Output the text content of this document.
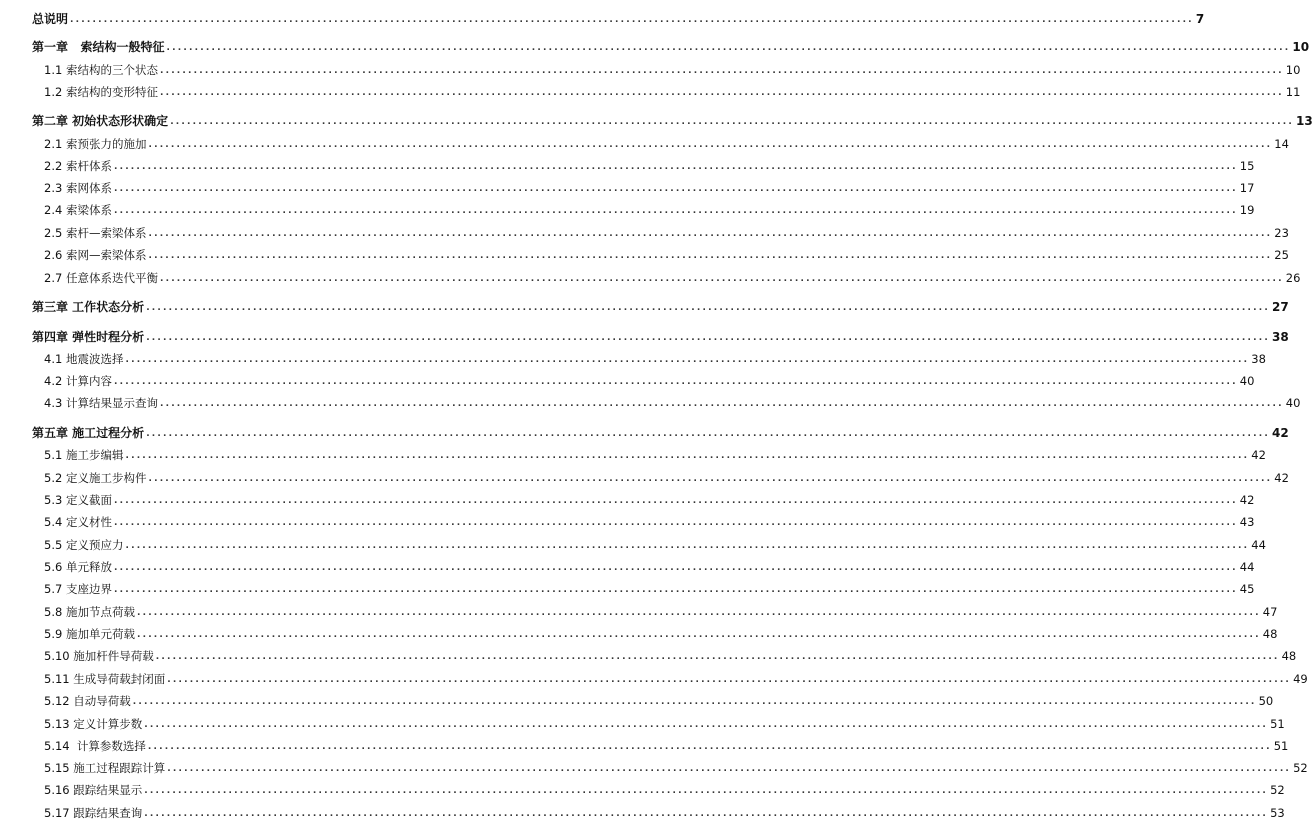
总说明 ........................................................................................................................................................................................................ 7
第一章   索结构一般特征 ........................................................................................................................................................................................................ 10
1.1 索结构的三个状态 ........................................................................................................................................................................................................ 10
1.2 索结构的变形特征 ........................................................................................................................................................................................................ 11
第二章 初始状态形状确定 ........................................................................................................................................................................................................ 13
2.1 索预张力的施加 ........................................................................................................................................................................................................ 14
2.2 索杆体系 ........................................................................................................................................................................................................ 15
2.3 索网体系 ........................................................................................................................................................................................................ 17
2.4 索梁体系 ........................................................................................................................................................................................................ 19
2.5 索杆—索梁体系 ........................................................................................................................................................................................................ 23
2.6 索网—索梁体系 ........................................................................................................................................................................................................ 25
2.7 任意体系迭代平衡 ........................................................................................................................................................................................................ 26
第三章 工作状态分析 ........................................................................................................................................................................................................ 27
第四章 弹性时程分析 ........................................................................................................................................................................................................ 38
4.1 地震波选择 ........................................................................................................................................................................................................ 38
4.2 计算内容 ........................................................................................................................................................................................................ 40
4.3 计算结果显示查询 ........................................................................................................................................................................................................ 40
第五章 施工过程分析 ........................................................................................................................................................................................................ 42
5.1 施工步编辑 ........................................................................................................................................................................................................ 42
5.2 定义施工步构件 ........................................................................................................................................................................................................ 42
5.3 定义截面 ........................................................................................................................................................................................................ 42
5.4 定义材性 ........................................................................................................................................................................................................ 43
5.5 定义预应力 ........................................................................................................................................................................................................ 44
5.6 单元释放 ........................................................................................................................................................................................................ 44
5.7 支座边界 ........................................................................................................................................................................................................ 45
5.8 施加节点荷载 ........................................................................................................................................................................................................ 47
5.9 施加单元荷载 ........................................................................................................................................................................................................ 48
5.10 施加杆件导荷载 ........................................................................................................................................................................................................ 48
5.11 生成导荷载封闭面 ........................................................................................................................................................................................................ 49
5.12 自动导荷载 ........................................................................................................................................................................................................ 50
5.13 定义计算步数 ........................................................................................................................................................................................................ 51
5.14  计算参数选择 ........................................................................................................................................................................................................ 51
5.15 施工过程跟踪计算 ........................................................................................................................................................................................................ 52
5.16 跟踪结果显示 ........................................................................................................................................................................................................ 52
5.17 跟踪结果查询 ........................................................................................................................................................................................................ 53
